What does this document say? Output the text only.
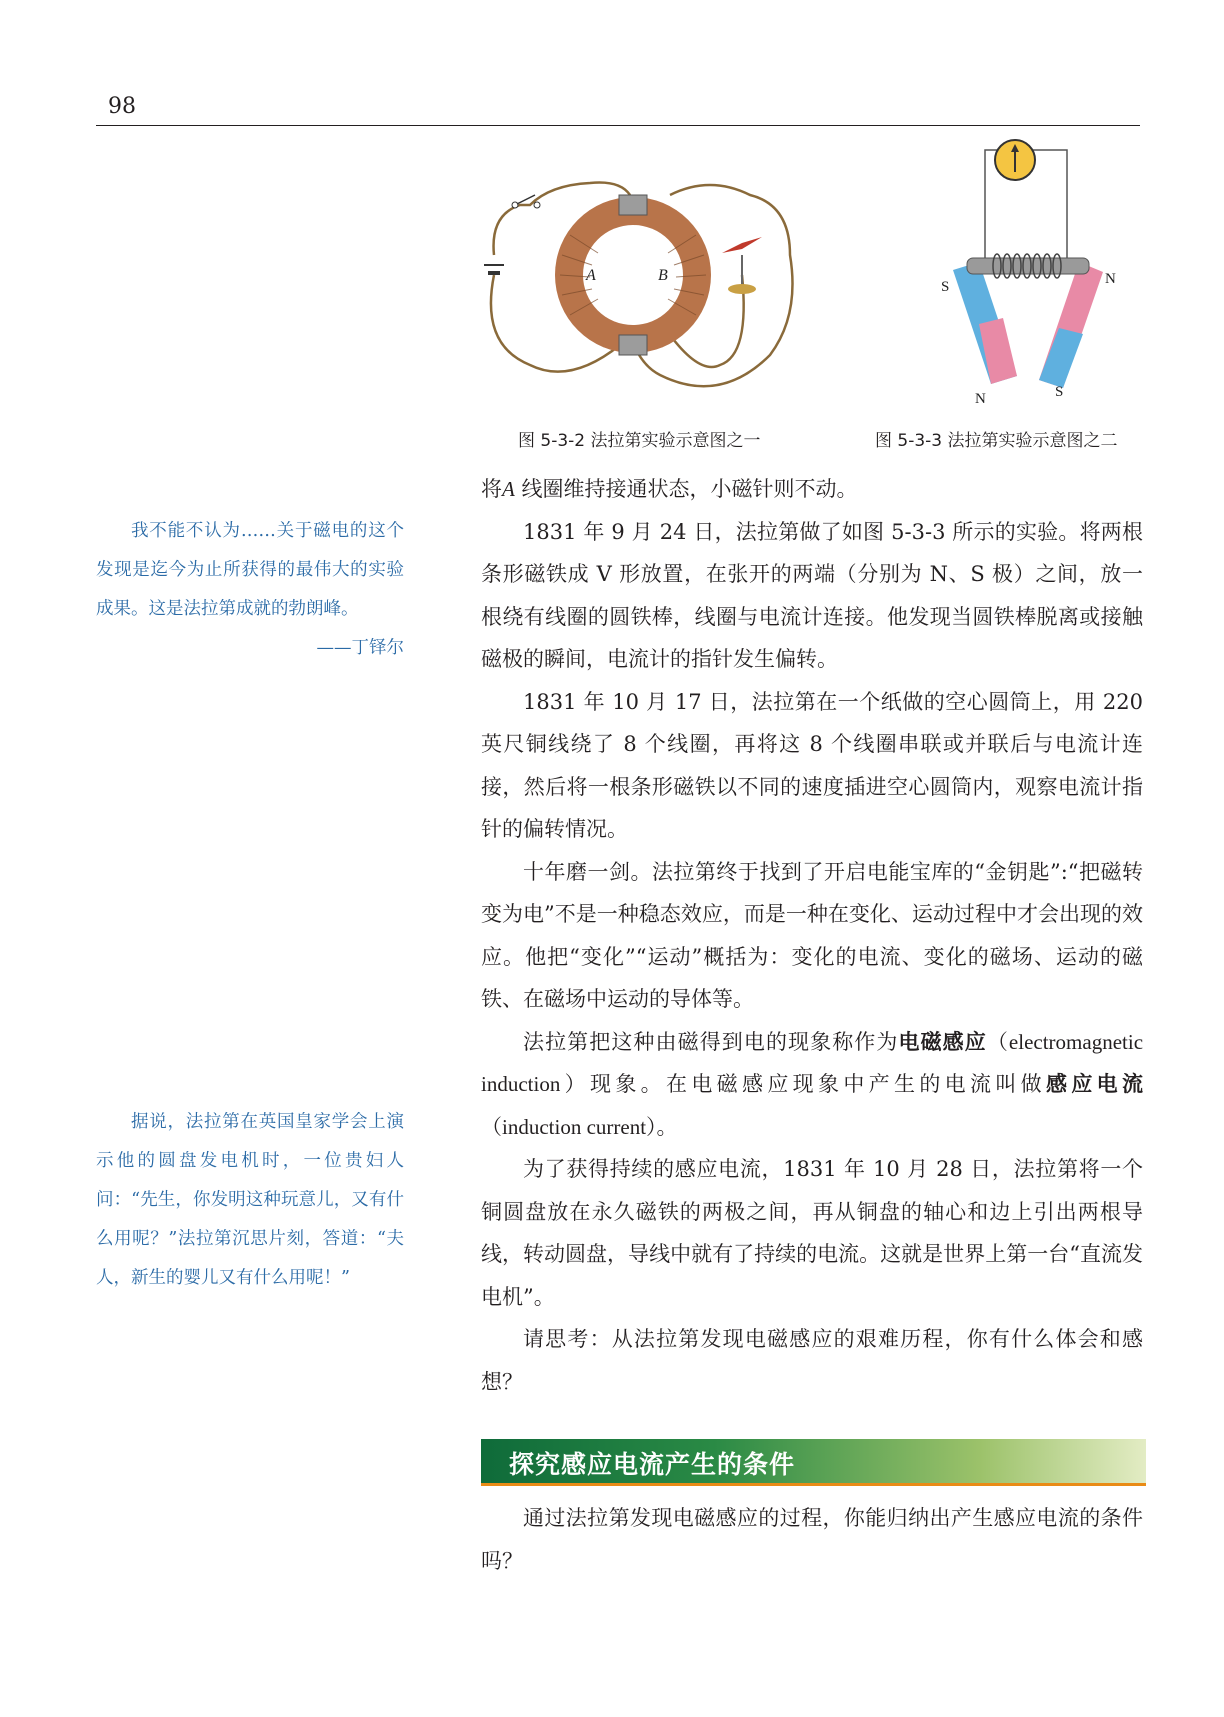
98
A	B
图 5-3-2 法拉第实验示意图之一
S	N
N	S
图 5-3-3 法拉第实验示意图之二

我不能不认为……关于磁电的这个发现是迄今为止所获得的最伟大的实验成果。这是法拉第成就的勃朗峰。

——丁铎尔

据说，法拉第在英国皇家学会上演示他的圆盘发电机时，一位贵妇人问：“先生，你发明这种玩意儿，又有什么用呢？”法拉第沉思片刻，答道：“夫人，新生的婴儿又有什么用呢！”

将A 线圈维持接通状态，小磁针则不动。

1831 年 9 月 24 日，法拉第做了如图 5-3-3 所示的实验。将两根条形磁铁成 V 形放置，在张开的两端（分别为 N、S 极）之间，放一根绕有线圈的圆铁棒，线圈与电流计连接。他发现当圆铁棒脱离或接触磁极的瞬间，电流计的指针发生偏转。

1831 年 10 月 17 日，法拉第在一个纸做的空心圆筒上，用 220 英尺铜线绕了 8 个线圈，再将这 8 个线圈串联或并联后与电流计连接，然后将一根条形磁铁以不同的速度插进空心圆筒内，观察电流计指针的偏转情况。

十年磨一剑。法拉第终于找到了开启电能宝库的“金钥匙”:“把磁转变为电”不是一种稳态效应，而是一种在变化、运动过程中才会出现的效应。他把“变化”“运动”概括为：变化的电流、变化的磁场、运动的磁铁、在磁场中运动的导体等。

法拉第把这种由磁得到电的现象称作为电磁感应（electromagnetic induction）现象。在电磁感应现象中产生的电流叫做感应电流（induction current）。

为了获得持续的感应电流，1831 年 10 月 28 日，法拉第将一个铜圆盘放在永久磁铁的两极之间，再从铜盘的轴心和边上引出两根导线，转动圆盘，导线中就有了持续的电流。这就是世界上第一台“直流发电机”。

请思考：从法拉第发现电磁感应的艰难历程，你有什么体会和感想？

探究感应电流产生的条件

通过法拉第发现电磁感应的过程，你能归纳出产生感应电流的条件吗？
